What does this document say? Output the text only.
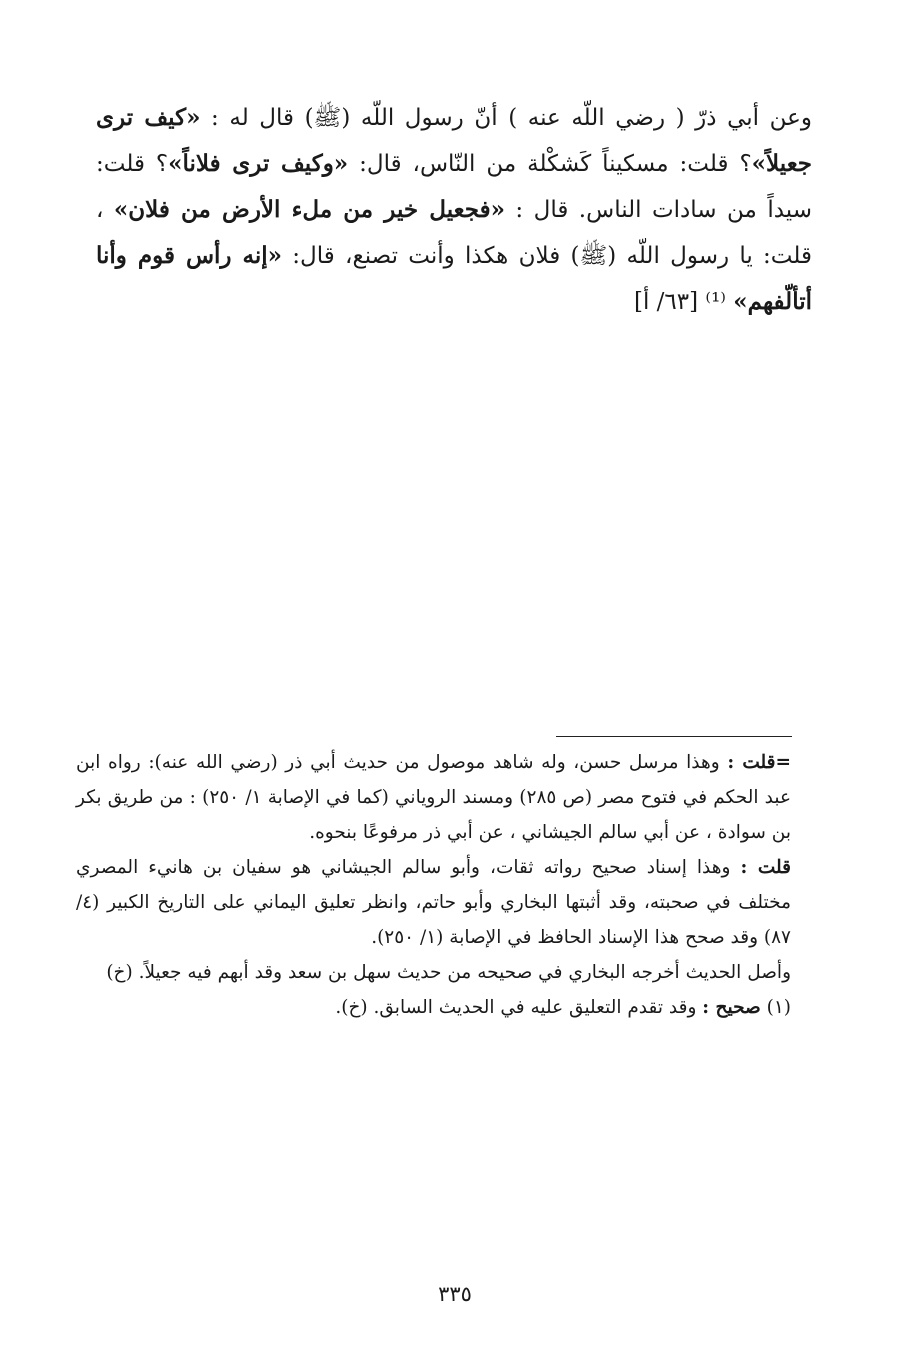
وعن أبي ذرّ ( رضي اللّه عنه ) أنّ رسول اللّه (ﷺ) قال له : «كيف ترى جعيلاً»؟ قلت: مسكيناً كَشكْلة من النّاس، قال: «وكيف ترى فلاناً»؟ قلت: سيداً من سادات الناس. قال : «فجعيل خير من ملء الأرض من فلان» ، قلت: يا رسول اللّه (ﷺ) فلان هكذا وأنت تصنع، قال: «إنه رأس قوم وأنا أتألّفهم» ⁽¹⁾ [٦٣/ أ]

=قلت : وهذا مرسل حسن، وله شاهد موصول من حديث أبي ذر (رضي الله عنه): رواه ابن عبد الحكم في فتوح مصر (ص ٢٨٥) ومسند الروياني (كما في الإصابة ١/ ٢٥٠) : من طريق بكر بن سوادة ، عن أبي سالم الجيشاني ، عن أبي ذر مرفوعًا بنحوه.

قلت : وهذا إسناد صحيح رواته ثقات، وأبو سالم الجيشاني هو سفيان بن هانيء المصري مختلف في صحبته، وقد أثبتها البخاري وأبو حاتم، وانظر تعليق اليماني على التاريخ الكبير (٤/ ٨٧) وقد صحح هذا الإسناد الحافظ في الإصابة (١/ ٢٥٠).

وأصل الحديث أخرجه البخاري في صحيحه من حديث سهل بن سعد وقد أبهم فيه جعيلاً. (خ)

(١) صحيح : وقد تقدم التعليق عليه في الحديث السابق. (خ).

٣٣٥
